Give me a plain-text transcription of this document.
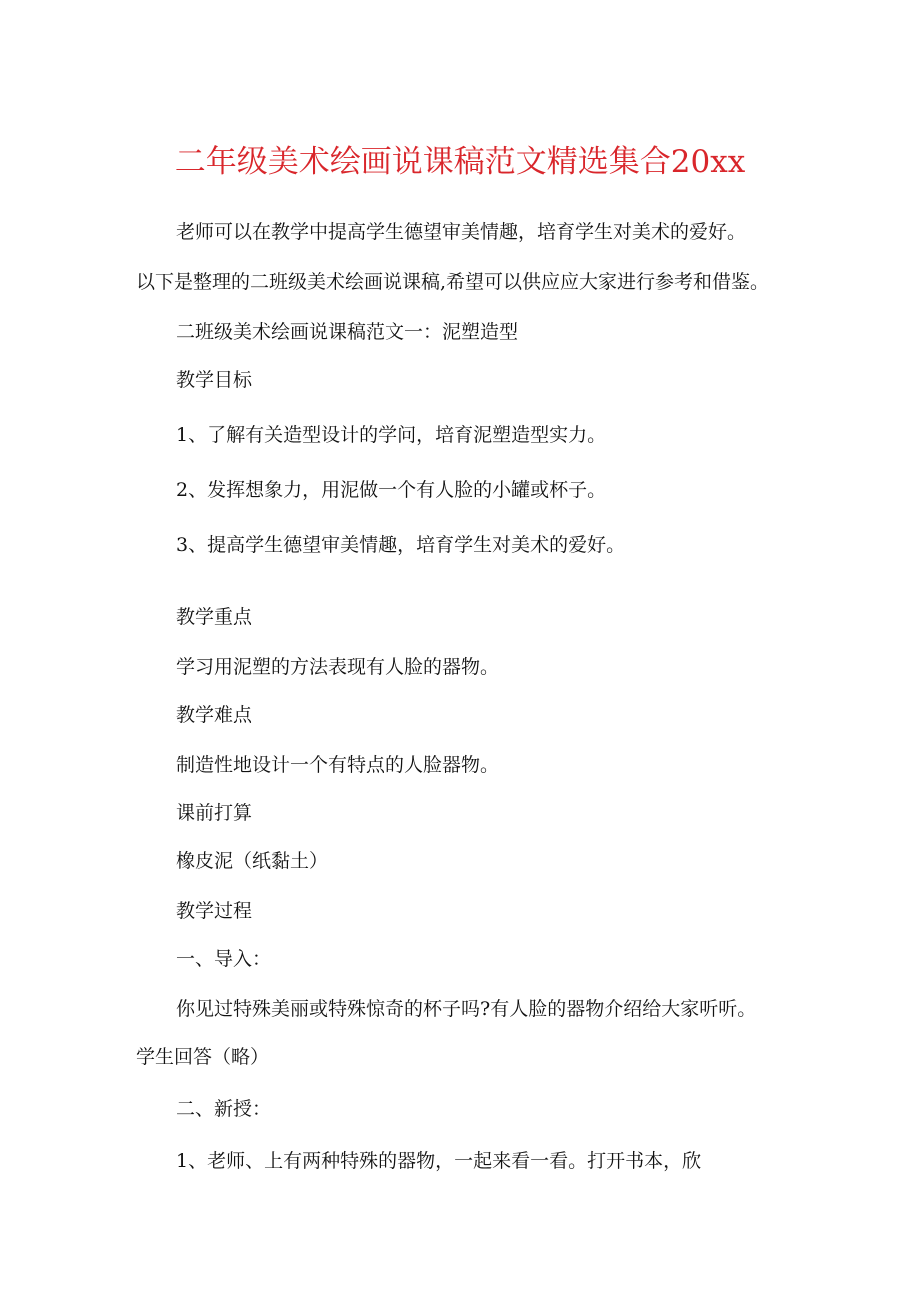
二年级美术绘画说课稿范文精选集合20xx
老师可以在教学中提高学生德望审美情趣，培育学生对美术的爱好。
以下是整理的二班级美术绘画说课稿,希望可以供应应大家进行参考和借鉴。
二班级美术绘画说课稿范文一：泥塑造型
教学目标
1、了解有关造型设计的学问，培育泥塑造型实力。
2、发挥想象力，用泥做一个有人脸的小罐或杯子。
3、提高学生德望审美情趣，培育学生对美术的爱好。
教学重点
学习用泥塑的方法表现有人脸的器物。
教学难点
制造性地设计一个有特点的人脸器物。
课前打算
橡皮泥（纸黏土）
教学过程
一、导入：
你见过特殊美丽或特殊惊奇的杯子吗?有人脸的器物介绍给大家听听。
学生回答（略）
二、新授：
1、老师、上有两种特殊的器物，一起来看一看。打开书本，欣
